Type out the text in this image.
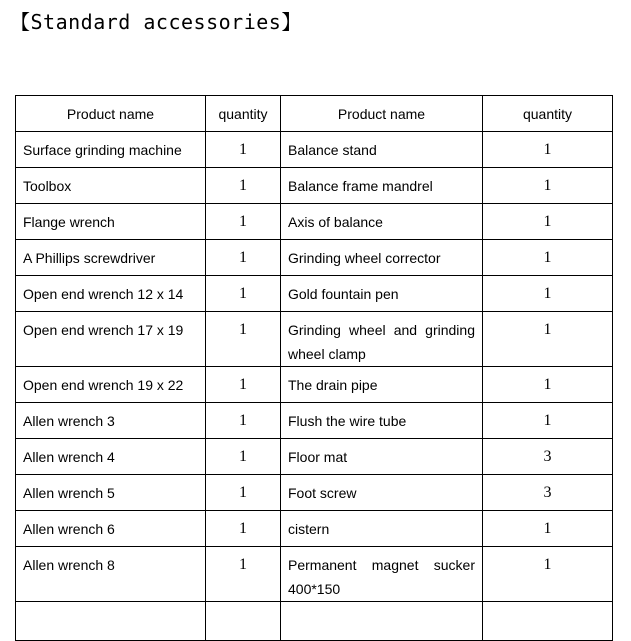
【Standard accessories】
Product name	quantity	Product name	quantity
Surface grinding machine	1	Balance stand	1
Toolbox	1	Balance frame mandrel	1
Flange wrench	1	Axis of balance	1
A Phillips screwdriver	1	Grinding wheel corrector	1
Open end wrench 12 x 14	1	Gold fountain pen	1
Open end wrench 17 x 19	1	Grinding wheel and grinding wheel clamp	1
Open end wrench 19 x 22	1	The drain pipe	1
Allen wrench 3	1	Flush the wire tube	1
Allen wrench 4	1	Floor mat	3
Allen wrench 5	1	Foot screw	3
Allen wrench 6	1	cistern	1
Allen wrench 8	1	Permanent magnet sucker 400*150	1
